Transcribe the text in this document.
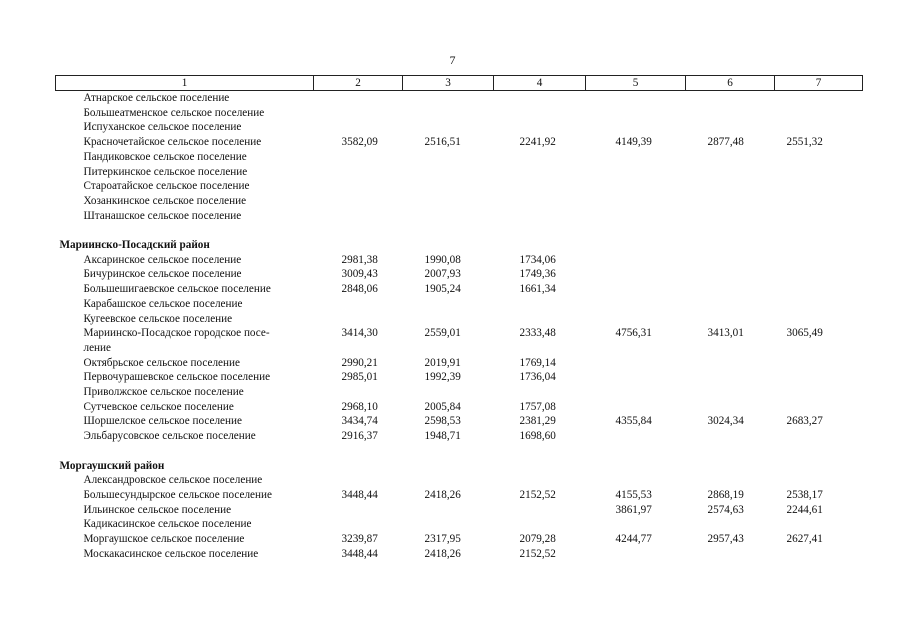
7
1	2	3	4	5	6	7
Атнарское сельское поселение						
Большеатменское сельское поселение						
Испуханское сельское поселение						
Красночетайское сельское поселение	3582,09	2516,51	2241,92	4149,39	2877,48	2551,32
Пандиковское сельское поселение						
Питеркинское сельское поселение						
Староатайское сельское поселение						
Хозанкинское сельское поселение						
Штанашское сельское поселение						

Мариинско-Посадский район						
Аксаринское сельское поселение	2981,38	1990,08	1734,06			
Бичуринское сельское поселение	3009,43	2007,93	1749,36			
Большешигаевское сельское поселение	2848,06	1905,24	1661,34			
Карабашское сельское поселение						
Кугеевское сельское поселение						
Мариинско-Посадское городское посе-	3414,30	2559,01	2333,48	4756,31	3413,01	3065,49
ление						
Октябрьское сельское поселение	2990,21	2019,91	1769,14			
Первочурашевское сельское поселение	2985,01	1992,39	1736,04			
Приволжское сельское поселение						
Сутчевское сельское поселение	2968,10	2005,84	1757,08			
Шоршелское сельское поселение	3434,74	2598,53	2381,29	4355,84	3024,34	2683,27
Эльбарусовское сельское поселение	2916,37	1948,71	1698,60			

Моргаушский район						
Александровское сельское поселение						
Большесундырское сельское поселение	3448,44	2418,26	2152,52	4155,53	2868,19	2538,17
Ильинское сельское поселение				3861,97	2574,63	2244,61
Кадикасинское сельское поселение						
Моргаушское сельское поселение	3239,87	2317,95	2079,28	4244,77	2957,43	2627,41
Москакасинское сельское поселение	3448,44	2418,26	2152,52			
